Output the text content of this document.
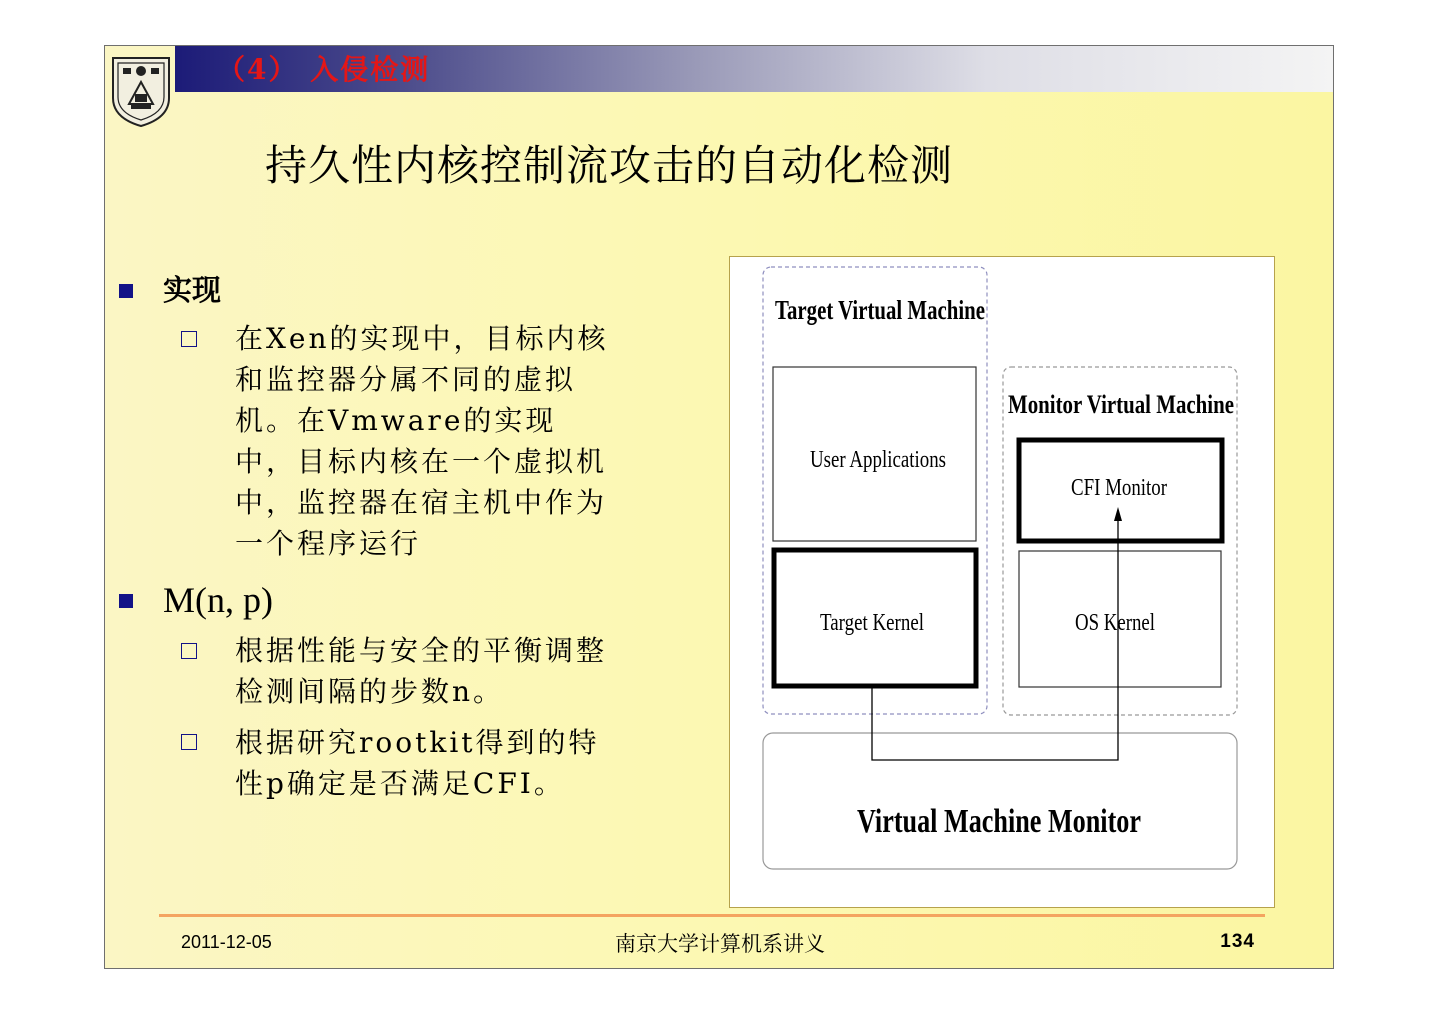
（4） 入侵检测
持久性内核控制流攻击的自动化检测
实现
在Xen的实现中，目标内核和监控器分属不同的虚拟机。在Vmware的实现中，目标内核在一个虚拟机中，监控器在宿主机中作为一个程序运行
M(n, p)
根据性能与安全的平衡调整检测间隔的步数n。
根据研究rootkit得到的特性p确定是否满足CFI。
Target Virtual Machine
Monitor Virtual Machine
User Applications
Target Kernel
CFI Monitor
OS Kernel
Virtual Machine Monitor
2011-12-05	南京大学计算机系讲义	134
